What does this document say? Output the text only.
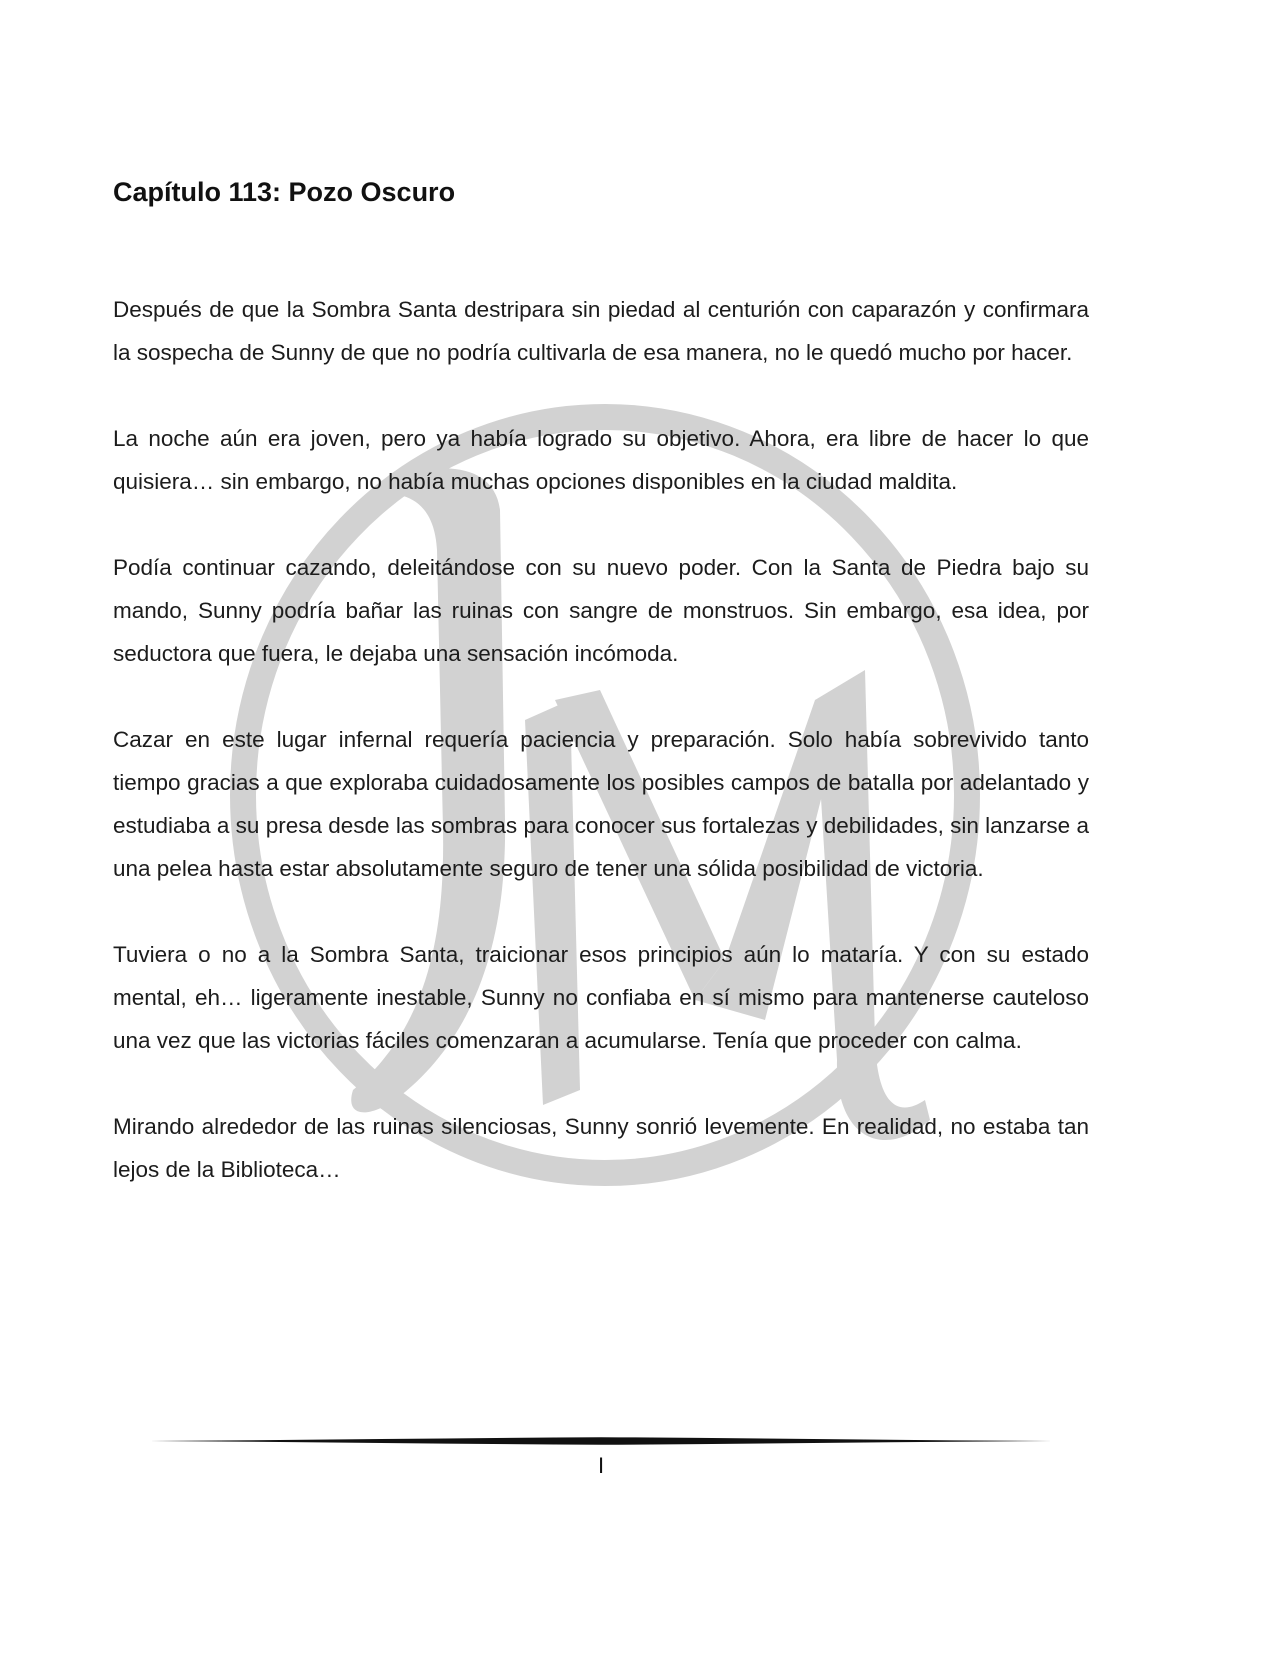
Capítulo 113: Pozo Oscuro

Después de que la Sombra Santa destripara sin piedad al centurión con caparazón y confirmara la sospecha de Sunny de que no podría cultivarla de esa manera, no le quedó mucho por hacer.

La noche aún era joven, pero ya había logrado su objetivo. Ahora, era libre de hacer lo que quisiera… sin embargo, no había muchas opciones disponibles en la ciudad maldita.

Podía continuar cazando, deleitándose con su nuevo poder. Con la Santa de Piedra bajo su mando, Sunny podría bañar las ruinas con sangre de monstruos. Sin embargo, esa idea, por seductora que fuera, le dejaba una sensación incómoda.

Cazar en este lugar infernal requería paciencia y preparación. Solo había sobrevivido tanto tiempo gracias a que exploraba cuidadosamente los posibles campos de batalla por adelantado y estudiaba a su presa desde las sombras para conocer sus fortalezas y debilidades, sin lanzarse a una pelea hasta estar absolutamente seguro de tener una sólida posibilidad de victoria.

Tuviera o no a la Sombra Santa, traicionar esos principios aún lo mataría. Y con su estado mental, eh… ligeramente inestable, Sunny no confiaba en sí mismo para mantenerse cauteloso una vez que las victorias fáciles comenzaran a acumularse. Tenía que proceder con calma.

Mirando alrededor de las ruinas silenciosas, Sunny sonrió levemente. En realidad, no estaba tan lejos de la Biblioteca…

I
